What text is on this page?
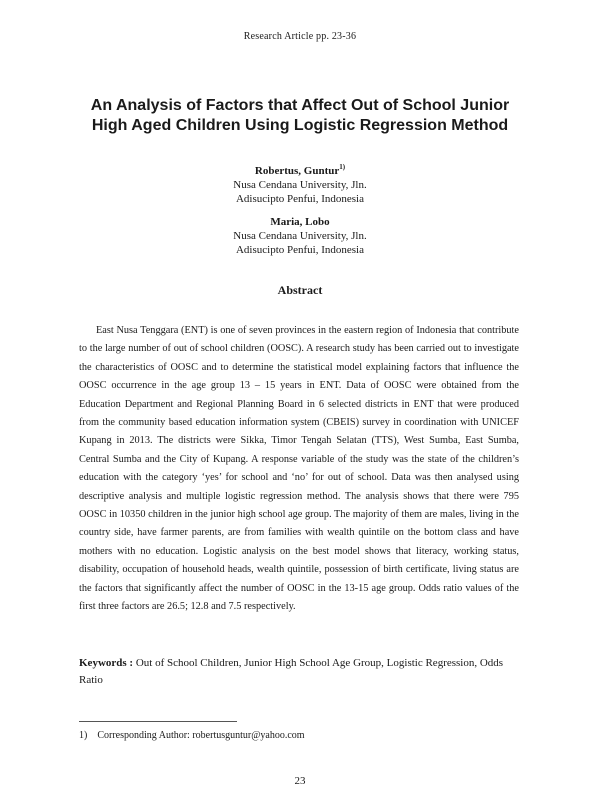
Research Article pp. 23-36
An Analysis of Factors that Affect Out of School Junior
High Aged Children Using Logistic Regression Method
Robertus, Guntur$^{1)}$
Nusa Cendana University, Jln.
Adisucipto Penfui, Indonesia
Maria, Lobo
Nusa Cendana University, Jln.
Adisucipto Penfui, Indonesia
Abstract

East Nusa Tenggara (ENT) is one of seven provinces in the eastern region of Indonesia that contribute to the large number of out of school children (OOSC). A research study has been carried out to investigate the characteristics of OOSC and to determine the statistical model explaining factors that influence the OOSC occurrence in the age group 13 – 15 years in ENT. Data of OOSC were obtained from the Education Department and Regional Planning Board in 6 selected districts in ENT that were produced from the community based education information system (CBEIS) survey in coordination with UNICEF Kupang in 2013. The districts were Sikka, Timor Tengah Selatan (TTS), West Sumba, East Sumba, Central Sumba and the City of Kupang. A response variable of the study was the state of the children’s education with the category ‘yes’ for school and ‘no’ for out of school. Data was then analysed using descriptive analysis and multiple logistic regression method. The analysis shows that there were 795 OOSC in 10350 children in the junior high school age group. The majority of them are males, living in the country side, have farmer parents, are from families with wealth quintile on the bottom class and have mothers with no education. Logistic analysis on the best model shows that literacy, working status, disability, occupation of household heads, wealth quintile, possession of birth certificate, living status are the factors that significantly affect the number of OOSC in the 13-15 age group. Odds ratio values of the first three factors are 26.5; 12.8 and 7.5 respectively.

Keywords : Out of School Children, Junior High School Age Group, Logistic Regression, Odds Ratio

1) Corresponding Author: robertusguntur@yahoo.com
23
